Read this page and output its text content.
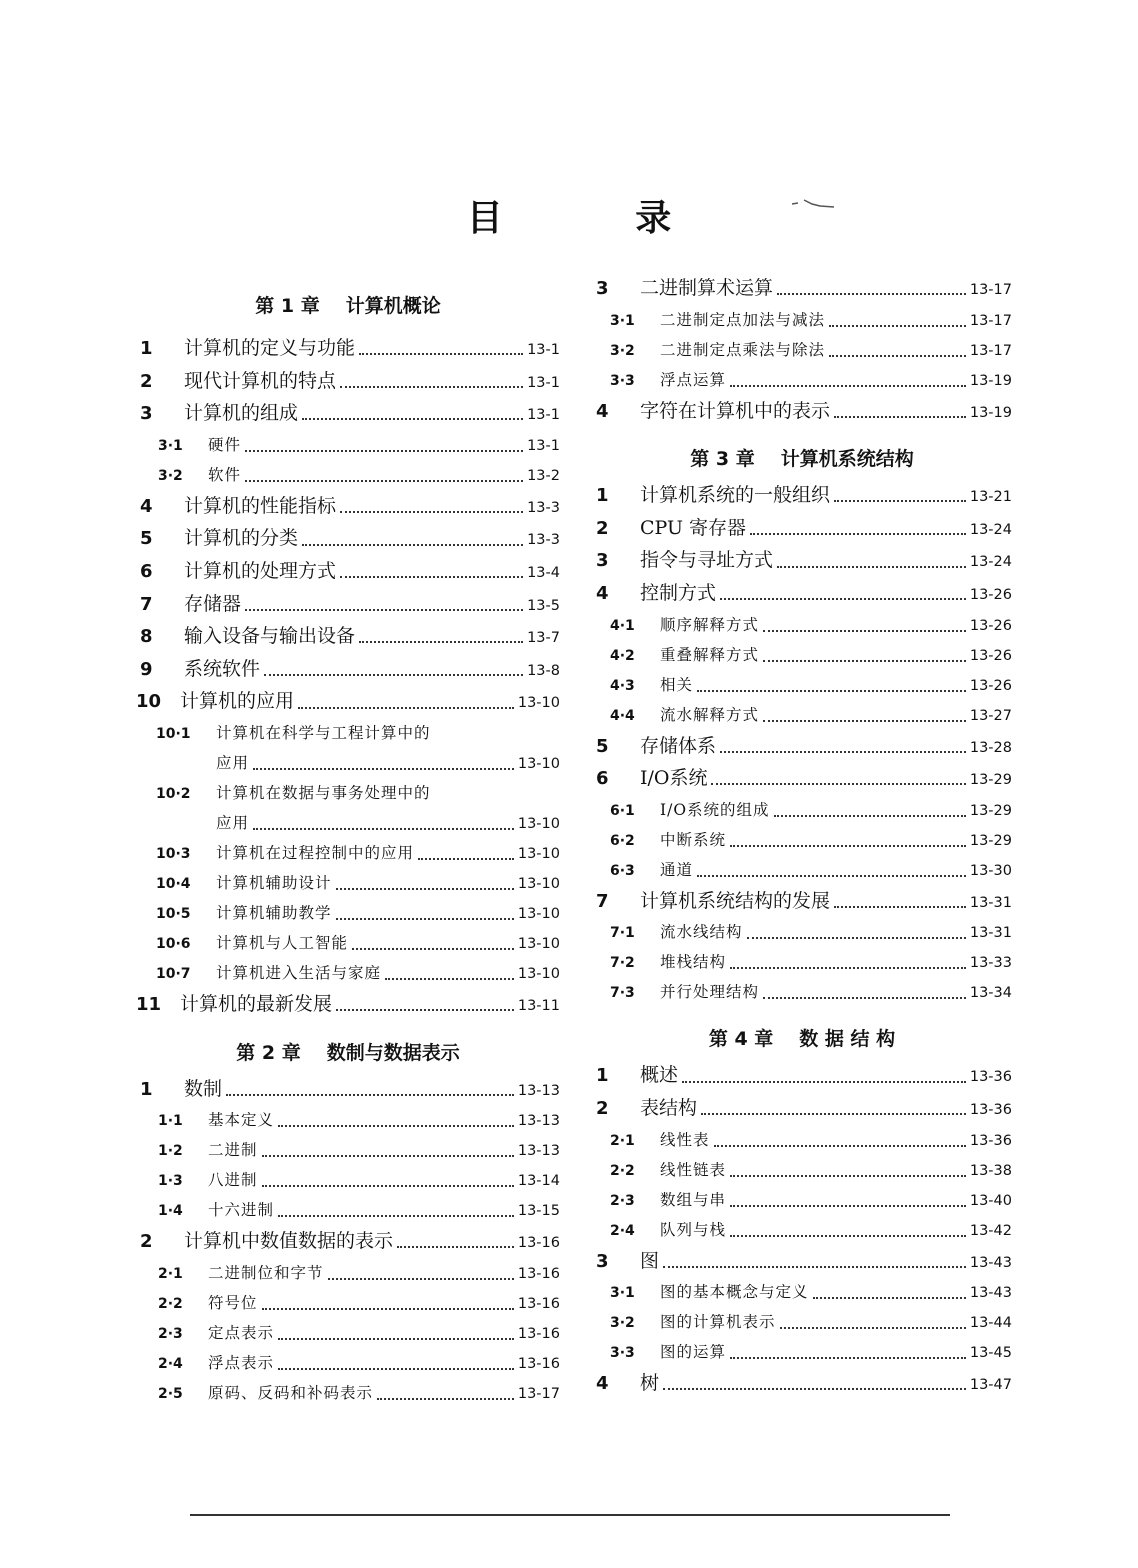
目 录
第 1 章 计算机概论
1	计算机的定义与功能	13-1
2	现代计算机的特点	13-1
3	计算机的组成	13-1
3·1	硬件	13-1
3·2	软件	13-2
4	计算机的性能指标	13-3
5	计算机的分类	13-3
6	计算机的处理方式	13-4
7	存储器	13-5
8	输入设备与输出设备	13-7
9	系统软件	13-8
10 计算机的应用	13-10
10·1	计算机在科学与工程计算中的
应用	13-10
10·2	计算机在数据与事务处理中的
应用	13-10
10·3	计算机在过程控制中的应用	13-10
10·4	计算机辅助设计	13-10
10·5	计算机辅助教学	13-10
10·6	计算机与人工智能	13-10
10·7	计算机进入生活与家庭	13-10
11 计算机的最新发展	13-11
第 2 章 数制与数据表示
1	数制	13-13
1·1	基本定义	13-13
1·2	二进制	13-13
1·3	八进制	13-14
1·4	十六进制	13-15
2	计算机中数值数据的表示	13-16
2·1	二进制位和字节	13-16
2·2	符号位	13-16
2·3	定点表示	13-16
2·4	浮点表示	13-16
2·5	原码、反码和补码表示	13-17
3	二进制算术运算	13-17
3·1	二进制定点加法与减法	13-17
3·2	二进制定点乘法与除法	13-17
3·3	浮点运算	13-19
4	字符在计算机中的表示	13-19
第 3 章 计算机系统结构
1	计算机系统的一般组织	13-21
2	CPU 寄存器	13-24
3	指令与寻址方式	13-24
4	控制方式	13-26
4·1	顺序解释方式	13-26
4·2	重叠解释方式	13-26
4·3	相关	13-26
4·4	流水解释方式	13-27
5	存储体系	13-28
6	I/O系统	13-29
6·1	I/O系统的组成	13-29
6·2	中断系统	13-29
6·3	通道	13-30
7	计算机系统结构的发展	13-31
7·1	流水线结构	13-31
7·2	堆栈结构	13-33
7·3	并行处理结构	13-34
第 4 章 数 据 结 构
1	概述	13-36
2	表结构	13-36
2·1	线性表	13-36
2·2	线性链表	13-38
2·3	数组与串	13-40
2·4	队列与栈	13-42
3	图	13-43
3·1	图的基本概念与定义	13-43
3·2	图的计算机表示	13-44
3·3	图的运算	13-45
4	树	13-47
